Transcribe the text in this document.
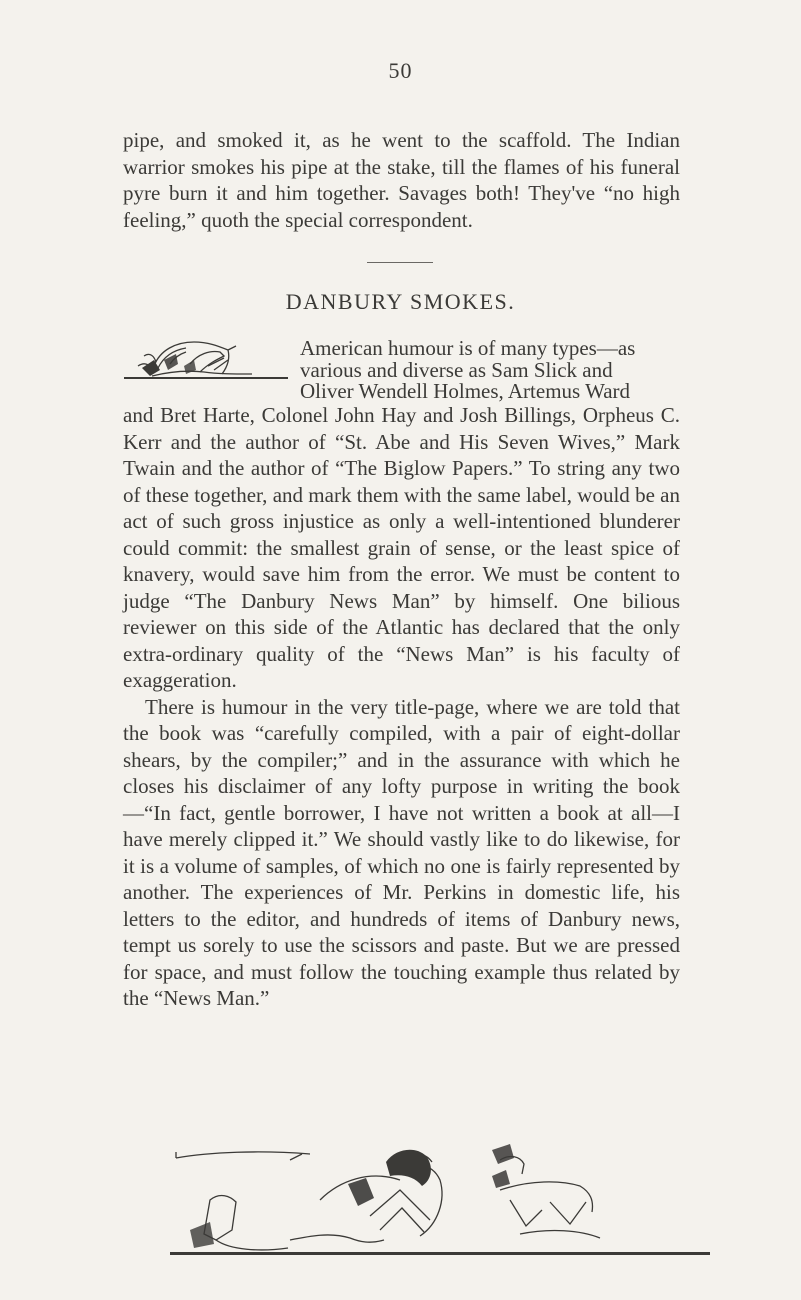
50

pipe, and smoked it, as he went to the scaffold. The Indian warrior smokes his pipe at the stake, till the flames of his funeral pyre burn it and him together. Savages both! They've “no high feeling,” quoth the special correspondent.

DANBURY SMOKES.
American humour is of many types—as
various and diverse as Sam Slick and
Oliver Wendell Holmes, Artemus Ward

and Bret Harte, Colonel John Hay and Josh Billings, Orpheus C. Kerr and the author of “St. Abe and His Seven Wives,” Mark Twain and the author of “The Biglow Papers.” To string any two of these together, and mark them with the same label, would be an act of such gross injustice as only a well-intentioned blunderer could commit: the smallest grain of sense, or the least spice of knavery, would save him from the error. We must be content to judge “The Danbury News Man” by himself. One bilious reviewer on this side of the Atlantic has declared that the only extra-ordinary quality of the “News Man” is his faculty of exaggeration.

There is humour in the very title-page, where we are told that the book was “carefully compiled, with a pair of eight-dollar shears, by the compiler;” and in the assurance with which he closes his disclaimer of any lofty purpose in writing the book—“In fact, gentle borrower, I have not written a book at all—I have merely clipped it.” We should vastly like to do likewise, for it is a volume of samples, of which no one is fairly represented by another. The experiences of Mr. Perkins in domestic life, his letters to the editor, and hundreds of items of Danbury news, tempt us sorely to use the scissors and paste. But we are pressed for space, and must follow the touching example thus related by the “News Man.”
